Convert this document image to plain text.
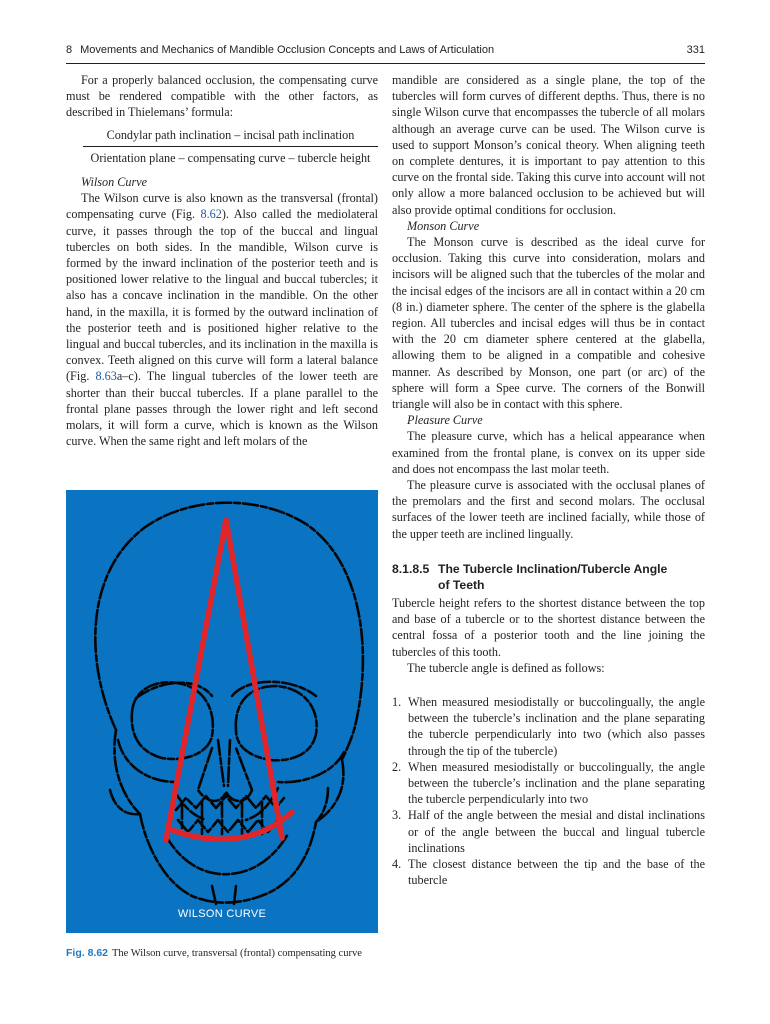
8 Movements and Mechanics of Mandible Occlusion Concepts and Laws of Articulation	331

For a properly balanced occlusion, the compensating curve must be rendered compatible with the other factors, as described in Thielemans’ formula:

Condylar path inclination – incisal path inclination
Orientation plane – compensating curve – tubercle height
Wilson Curve

The Wilson curve is also known as the transversal (frontal) compensating curve (Fig. 8.62). Also called the mediolateral curve, it passes through the top of the buccal and lingual tubercles on both sides. In the mandible, Wilson curve is formed by the inward inclination of the posterior teeth and is positioned lower relative to the lingual and buccal tubercles; it also has a concave inclination in the mandible. On the other hand, in the maxilla, it is formed by the outward inclination of the posterior teeth and is positioned higher relative to the lingual and buccal tubercles, and its inclination in the maxilla is convex. Teeth aligned on this curve will form a lateral balance (Fig. 8.63a–c). The lingual tubercles of the lower teeth are shorter than their buccal tubercles. If a plane parallel to the frontal plane passes through the lower right and left second molars, it will form a curve, which is known as the Wilson curve. When the same right and left molars of the

WILSON CURVE
Fig. 8.62 The Wilson curve, transversal (frontal) compensating curve

mandible are considered as a single plane, the top of the tubercles will form curves of different depths. Thus, there is no single Wilson curve that encompasses the tubercle of all molars although an average curve can be used. The Wilson curve is used to support Monson’s conical theory. When aligning teeth on complete dentures, it is important to pay attention to this curve on the frontal side. Taking this curve into account will not only allow a more balanced occlusion to be achieved but will also provide optimal conditions for occlusion.

Monson Curve

The Monson curve is described as the ideal curve for occlusion. Taking this curve into consideration, molars and incisors will be aligned such that the tubercles of the molar and the incisal edges of the incisors are all in contact within a 20 cm (8 in.) diameter sphere. The center of the sphere is the glabella region. All tubercles and incisal edges will thus be in contact with the 20 cm diameter sphere centered at the glabella, allowing them to be aligned in a compatible and cohesive manner. As described by Monson, one part (or arc) of the sphere will form a Spee curve. The corners of the Bonwill triangle will also be in contact with this sphere.

Pleasure Curve

The pleasure curve, which has a helical appearance when examined from the frontal plane, is convex on its upper side and does not encompass the last molar teeth.

The pleasure curve is associated with the occlusal planes of the premolars and the first and second molars. The occlusal surfaces of the lower teeth are inclined facially, while those of the upper teeth are inclined lingually.

8.1.8.5 The Tubercle Inclination/Tubercle Angle
of Teeth

Tubercle height refers to the shortest distance between the top and base of a tubercle or to the shortest distance between the central fossa of a posterior tooth and the line joining the tubercles of this tooth.

The tubercle angle is defined as follows:

1. When measured mesiodistally or buccolingually, the angle between the tubercle’s inclination and the plane separating the tubercle perpendicularly into two (which also passes through the tip of the tubercle)
2. When measured mesiodistally or buccolingually, the angle between the tubercle’s inclination and the plane separating the tubercle perpendicularly into two
3. Half of the angle between the mesial and distal inclinations or of the angle between the buccal and lingual tubercle inclinations
4. The closest distance between the tip and the base of the tubercle
